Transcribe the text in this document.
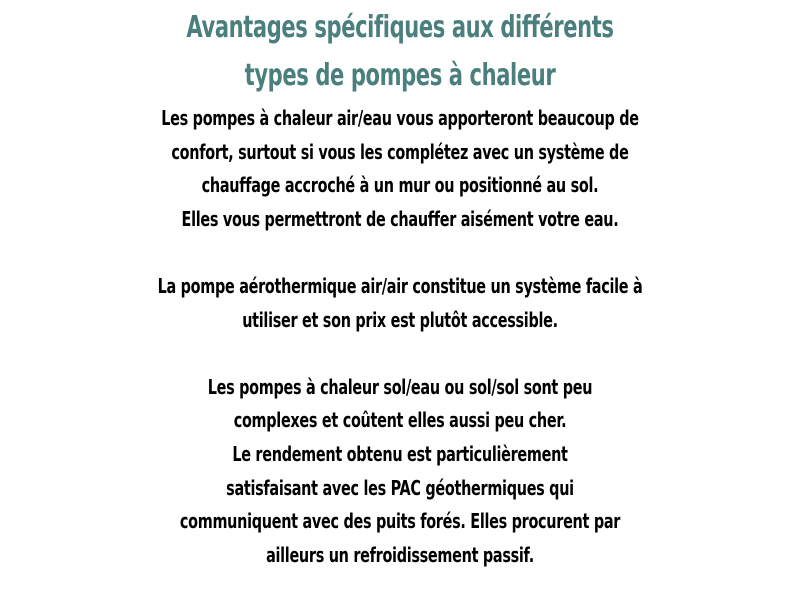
Avantages spécifiques aux différents
types de pompes à chaleur
Les pompes à chaleur air/eau vous apporteront beaucoup de
confort, surtout si vous les complétez avec un système de
chauffage accroché à un mur ou positionné au sol.
Elles vous permettront de chauffer aisément votre eau.
La pompe aérothermique air/air constitue un système facile à
utiliser et son prix est plutôt accessible.
Les pompes à chaleur sol/eau ou sol/sol sont peu
complexes et coûtent elles aussi peu cher.
Le rendement obtenu est particulièrement
satisfaisant avec les PAC géothermiques qui
communiquent avec des puits forés. Elles procurent par
ailleurs un refroidissement passif.
